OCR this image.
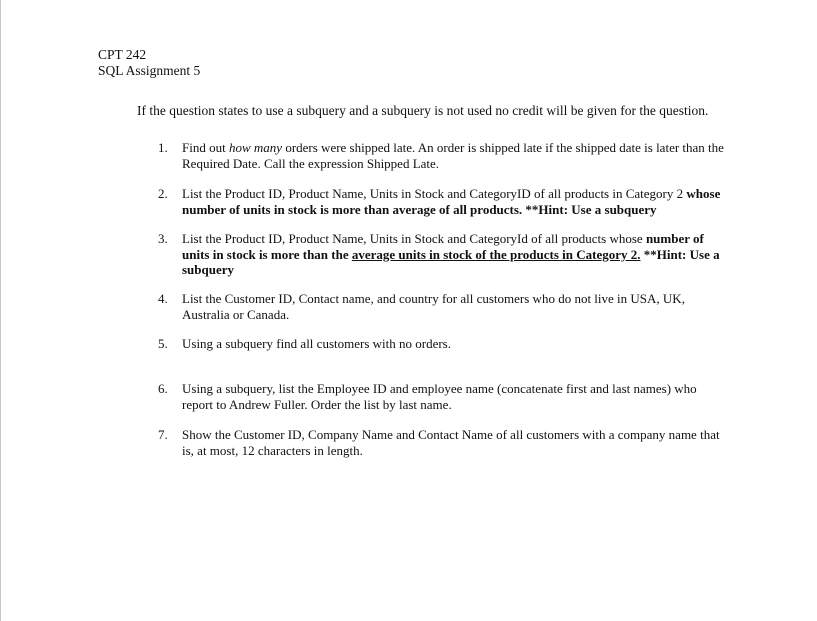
CPT 242
SQL Assignment 5
If the question states to use a subquery and a subquery is not used no credit will be given for the question.
1. Find out how many orders were shipped late. An order is shipped late if the shipped date is later than the Required Date. Call the expression Shipped Late.
2. List the Product ID, Product Name, Units in Stock and CategoryID of all products in Category 2 whose number of units in stock is more than average of all products. **Hint: Use a subquery
3. List the Product ID, Product Name, Units in Stock and CategoryId of all products whose number of units in stock is more than the average units in stock of the products in Category 2. **Hint: Use a subquery
4. List the Customer ID, Contact name, and country for all customers who do not live in USA, UK, Australia or Canada.
5. Using a subquery find all customers with no orders.
6. Using a subquery, list the Employee ID and employee name (concatenate first and last names) who report to Andrew Fuller. Order the list by last name.
7. Show the Customer ID, Company Name and Contact Name of all customers with a company name that is, at most, 12 characters in length.
